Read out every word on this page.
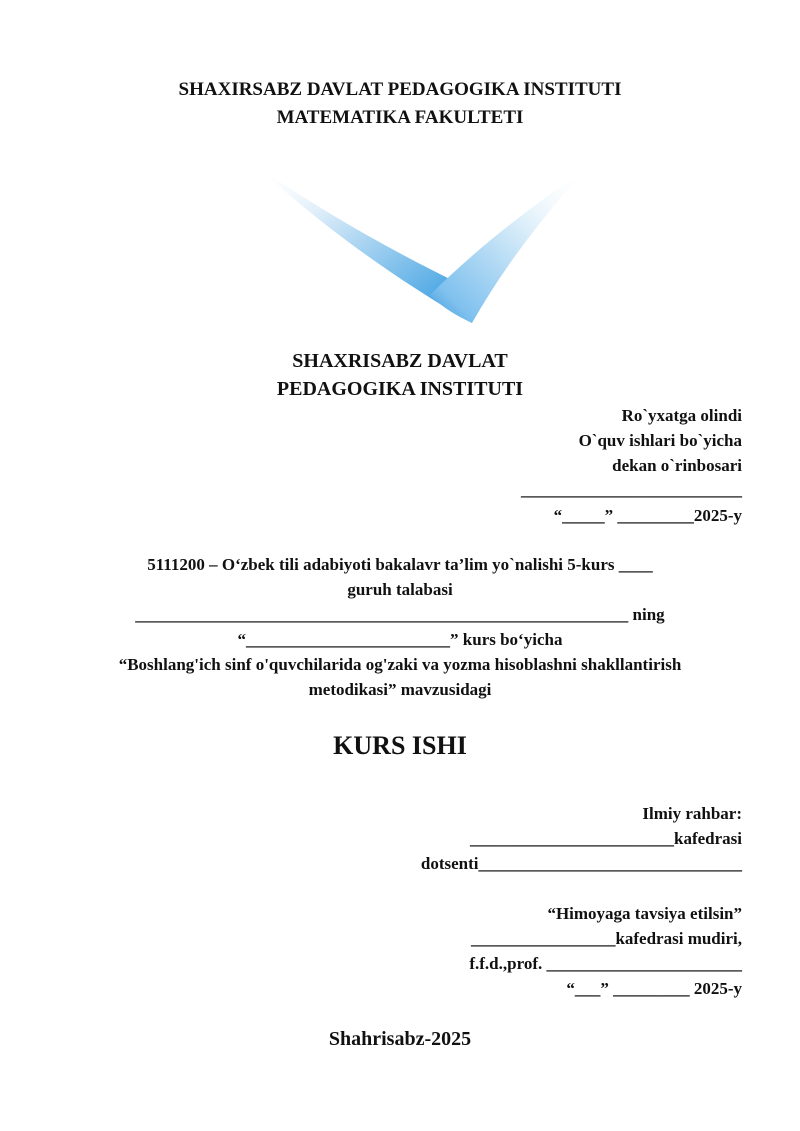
SHAXIRSABZ DAVLAT PEDAGOGIKA INSTITUTI
MATEMATIKA FAKULTETI
SHAXRISABZ DAVLAT
PEDAGOGIKA INSTITUTI
Ro`yxatga olindi
O`quv ishlari bo`yicha
dekan o`rinbosari
__________________________
“_____” _________2025-y
5111200 – O‘zbek tili adabiyoti bakalavr ta’lim yo`nalishi 5-kurs ____
guruh talabasi
__________________________________________________________ ning
“________________________” kurs bo‘yicha
“Boshlang'ich sinf o'quvchilarida og'zaki va yozma hisoblashni shakllantirish
metodikasi” mavzusidagi
KURS ISHI
Ilmiy rahbar:
________________________kafedrasi
dotsenti_______________________________
“Himoyaga tavsiya etilsin”
_________________kafedrasi mudiri,
f.f.d.,prof. _______________________
“___” _________ 2025-y
Shahrisabz-2025
